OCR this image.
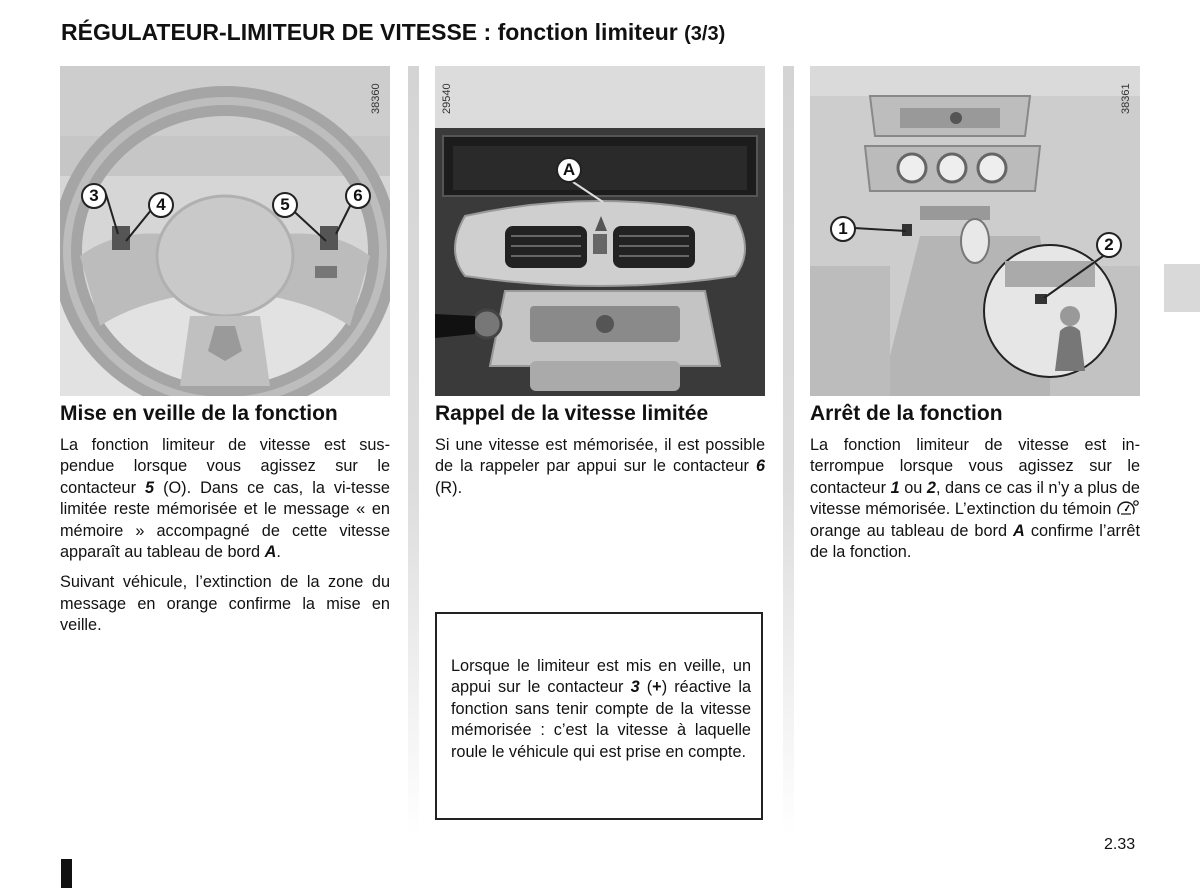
RÉGULATEUR-LIMITEUR DE VITESSE : fonction limiteur (3/3)
38360
3	4	5	6
29540
A
38361
1
2
Mise en veille de la fonction

La fonction limiteur de vitesse est sus-pendue lorsque vous agissez sur le contacteur 5 (O). Dans ce cas, la vi-tesse limitée reste mémorisée et le message « en mémoire » accompagné de cette vitesse apparaît au tableau de bord A.

Suivant véhicule, l’extinction de la zone du message en orange confirme la mise en veille.

Rappel de la vitesse limitée

Si une vitesse est mémorisée, il est possible de la rappeler par appui sur le contacteur 6 (R).

Lorsque le limiteur est mis en veille, un appui sur le contacteur 3 (+) réactive la fonction sans tenir compte de la vitesse mémorisée : c’est la vitesse à laquelle roule le véhicule qui est prise en compte.
Arrêt de la fonction

La fonction limiteur de vitesse est in-terrompue lorsque vous agissez sur le contacteur 1 ou 2, dans ce cas il n’y a plus de vitesse mémorisée. L’extinction du témoin  orange au tableau de bord A confirme l’arrêt de la fonction.

2.33
